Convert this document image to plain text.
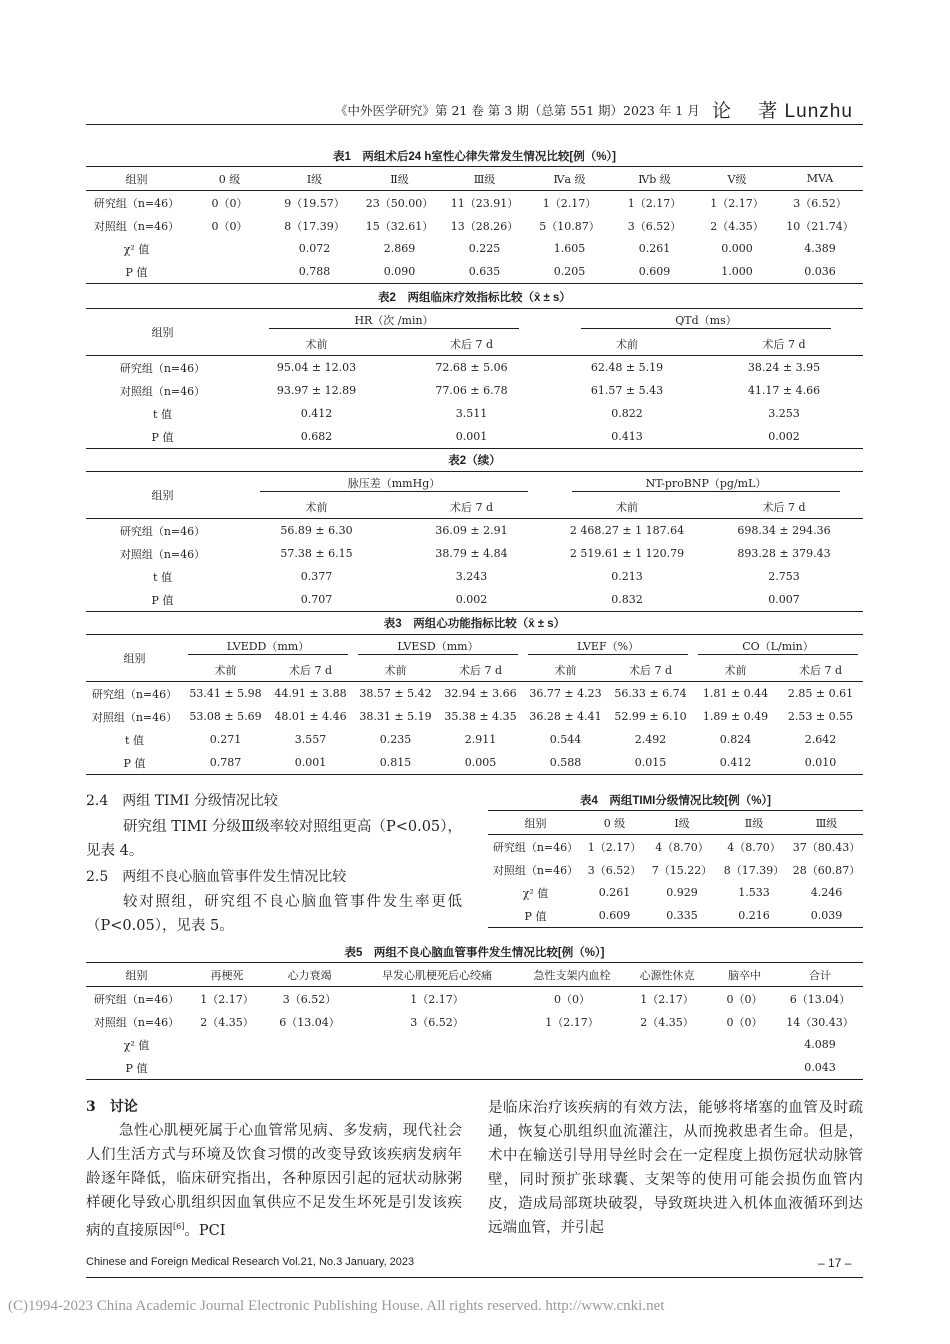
《中外医学研究》第 21 卷 第 3 期（总第 551 期）2023 年 1 月 论　 著 Lunzhu
表1　两组术后24 h室性心律失常发生情况比较[例（%）]
组别	0 级	Ⅰ级	Ⅱ级	Ⅲ级	Ⅳa 级	Ⅳb 级	Ⅴ级	MVA
研究组（n=46）	0（0）	9（19.57）	23（50.00）	11（23.91）	1（2.17）	1（2.17）	1（2.17）	3（6.52）
对照组（n=46）	0（0）	8（17.39）	15（32.61）	13（28.26）	5（10.87）	3（6.52）	2（4.35）	10（21.74）
χ² 值		0.072	2.869	0.225	1.605	0.261	0.000	4.389
P 值		0.788	0.090	0.635	0.205	0.609	1.000	0.036
表2　两组临床疗效指标比较（x̄ ± s）
组别	HR（次 /min）		QTd（ms）	
	术前	术后 7 d	术前	术后 7 d
研究组（n=46）	95.04 ± 12.03	72.68 ± 5.06	62.48 ± 5.19	38.24 ± 3.95
对照组（n=46）	93.97 ± 12.89	77.06 ± 6.78	61.57 ± 5.43	41.17 ± 4.66
t 值	0.412	3.511	0.822	3.253
P 值	0.682	0.001	0.413	0.002
表2（续）
组别	脉压差（mmHg）		NT-proBNP（pg/mL）	
	术前	术后 7 d	术前	术后 7 d
研究组（n=46）	56.89 ± 6.30	36.09 ± 2.91	2 468.27 ± 1 187.64	698.34 ± 294.36
对照组（n=46）	57.38 ± 6.15	38.79 ± 4.84	2 519.61 ± 1 120.79	893.28 ± 379.43
t 值	0.377	3.243	0.213	2.753
P 值	0.707	0.002	0.832	0.007
表3　两组心功能指标比较（x̄ ± s）
组别	LVEDD（mm）		LVESD（mm）		LVEF（%）		CO（L/min）	
	术前	术后 7 d	术前	术后 7 d	术前	术后 7 d	术前	术后 7 d
研究组（n=46）	53.41 ± 5.98	44.91 ± 3.88	38.57 ± 5.42	32.94 ± 3.66	36.77 ± 4.23	56.33 ± 6.74	1.81 ± 0.44	2.85 ± 0.61
对照组（n=46）	53.08 ± 5.69	48.01 ± 4.46	38.31 ± 5.19	35.38 ± 4.35	36.28 ± 4.41	52.99 ± 6.10	1.89 ± 0.49	2.53 ± 0.55
t 值	0.271	3.557	0.235	2.911	0.544	2.492	0.824	2.642
P 值	0.787	0.001	0.815	0.005	0.588	0.015	0.412	0.010
2.4　两组 TIMI 分级情况比较
研究组 TIMI 分级Ⅲ级率较对照组更高（P<0.05），见表 4。
2.5　两组不良心脑血管事件发生情况比较
较对照组，研究组不良心脑血管事件发生率更低（P<0.05），见表 5。
表4　两组TIMI分级情况比较[例（%）]
组别	0 级	Ⅰ级	Ⅱ级	Ⅲ级
研究组（n=46）	1（2.17）	4（8.70）	4（8.70）	37（80.43）
对照组（n=46）	3（6.52）	7（15.22）	8（17.39）	28（60.87）
χ² 值	0.261	0.929	1.533	4.246
P 值	0.609	0.335	0.216	0.039
表5　两组不良心脑血管事件发生情况比较[例（%）]
组别	再梗死	心力衰竭	早发心肌梗死后心绞痛	急性支架内血栓	心源性休克	脑卒中	合计
研究组（n=46）	1（2.17）	3（6.52）	1（2.17）	0（0）	1（2.17）	0（0）	6（13.04）
对照组（n=46）	2（4.35）	6（13.04）	3（6.52）	1（2.17）	2（4.35）	0（0）	14（30.43）
χ² 值							4.089
P 值							0.043
3　讨论
急性心肌梗死属于心血管常见病、多发病，现代社会人们生活方式与环境及饮食习惯的改变导致该疾病发病年龄逐年降低，临床研究指出，各种原因引起的冠状动脉粥样硬化导致心肌组织因血氧供应不足发生坏死是引发该疾病的直接原因[6]。PCI
是临床治疗该疾病的有效方法，能够将堵塞的血管及时疏通，恢复心肌组织血流灌注，从而挽救患者生命。但是，术中在输送引导用导丝时会在一定程度上损伤冠状动脉管壁，同时预扩张球囊、支架等的使用可能会损伤血管内皮，造成局部斑块破裂，导致斑块进入机体血液循环到达远端血管，并引起
Chinese and Foreign Medical Research Vol.21, No.3 January, 2023	– 17 –
(C)1994-2023 China Academic Journal Electronic Publishing House. All rights reserved. http://www.cnki.net
